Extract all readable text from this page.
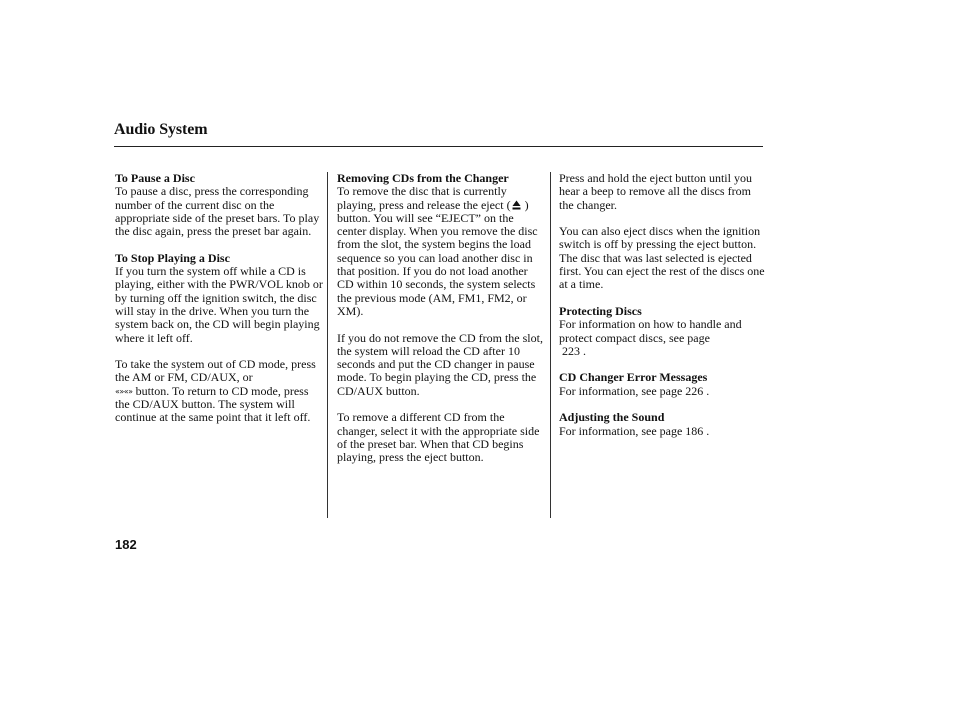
Audio System
To Pause a Disc
To pause a disc, press the corresponding number of the current disc on the appropriate side of the preset bars. To play the disc again, press the preset bar again.
To Stop Playing a Disc
If you turn the system off while a CD is playing, either with the PWR/VOL knob or by turning off the ignition switch, the disc will stay in the drive. When you turn the system back on, the CD will begin playing where it left off.
To take the system out of CD mode, press the AM or FM, CD/AUX, or
«»«» button. To return to CD mode, press the CD/AUX button. The system will continue at the same point that it left off.
Removing CDs from the Changer
To remove the disc that is currently playing, press and release the eject ( ) button. You will see “EJECT” on the center display. When you remove the disc from the slot, the system begins the load sequence so you can load another disc in that position. If you do not load another CD within 10 seconds, the system selects the previous mode (AM, FM1, FM2, or XM).
If you do not remove the CD from the slot, the system will reload the CD after 10 seconds and put the CD changer in pause mode. To begin playing the CD, press the CD/AUX button.
To remove a different CD from the changer, select it with the appropriate side of the preset bar. When that CD begins playing, press the eject button.
Press and hold the eject button until you hear a beep to remove all the discs from the changer.
You can also eject discs when the ignition switch is off by pressing the eject button. The disc that was last selected is ejected first. You can eject the rest of the discs one at a time.
Protecting Discs
For information on how to handle and protect compact discs, see page
223 .
CD Changer Error Messages
For information, see page 226 .
Adjusting the Sound
For information, see page 186 .
182
